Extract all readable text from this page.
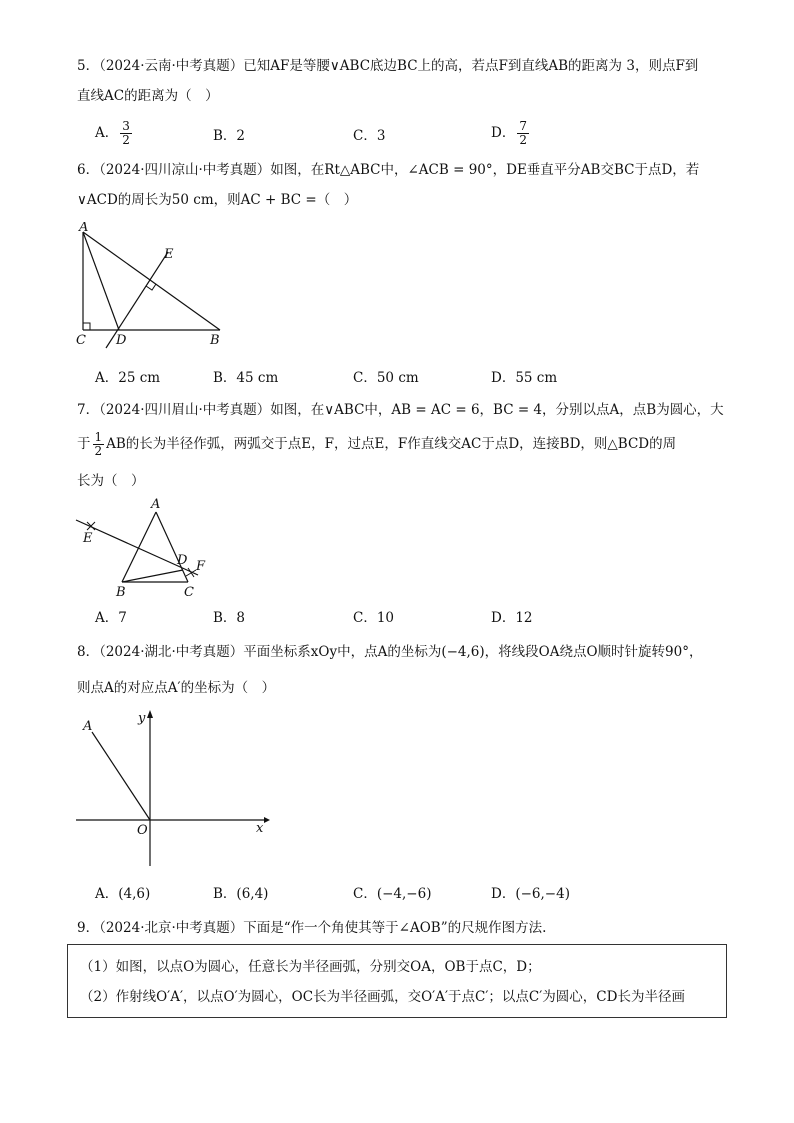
5．（2024·云南·中考真题）已知AF是等腰∨ABC底边BC上的高，若点F到直线AB的距离为 3，则点F到
直线AC的距离为（　）
A． $\frac{3}{2}$	B．2	C．3	D． $\frac{7}{2}$
6．（2024·四川凉山·中考真题）如图，在Rt△ABC中，∠ACB = 90°，DE垂直平分AB交BC于点D，若
∨ACD的周长为50 cm，则AC + BC =（　）
A
C D	B
E
A．25 cm	B．45 cm	C．50 cm	D．55 cm
7．（2024·四川眉山·中考真题）如图，在∨ABC中，AB = AC = 6，BC = 4，分别以点A，点B为圆心，大
于 $\frac{1}{2}$ AB的长为半径作弧，两弧交于点E，F，过点E，F作直线交AC于点D，连接BD，则△BCD的周
长为（　）
A
E
D F
B	C
A．7	B．8	C．10	D．12
8．（2024·湖北·中考真题）平面坐标系xOy中，点A的坐标为(−4,6)，将线段OA绕点O顺时针旋转90°，
则点A的对应点A′的坐标为（　）
A
O	x
y
A．(4,6)	B．(6,4)	C．(−4,−6)	D．(−6,−4)
9．（2024·北京·中考真题）下面是“作一个角使其等于∠AOB”的尺规作图方法.
（1）如图，以点O为圆心，任意长为半径画弧，分别交OA，OB于点C，D；
（2）作射线O′A′，以点O′为圆心，OC长为半径画弧，交O′A′于点C′；以点C′为圆心，CD长为半径画
